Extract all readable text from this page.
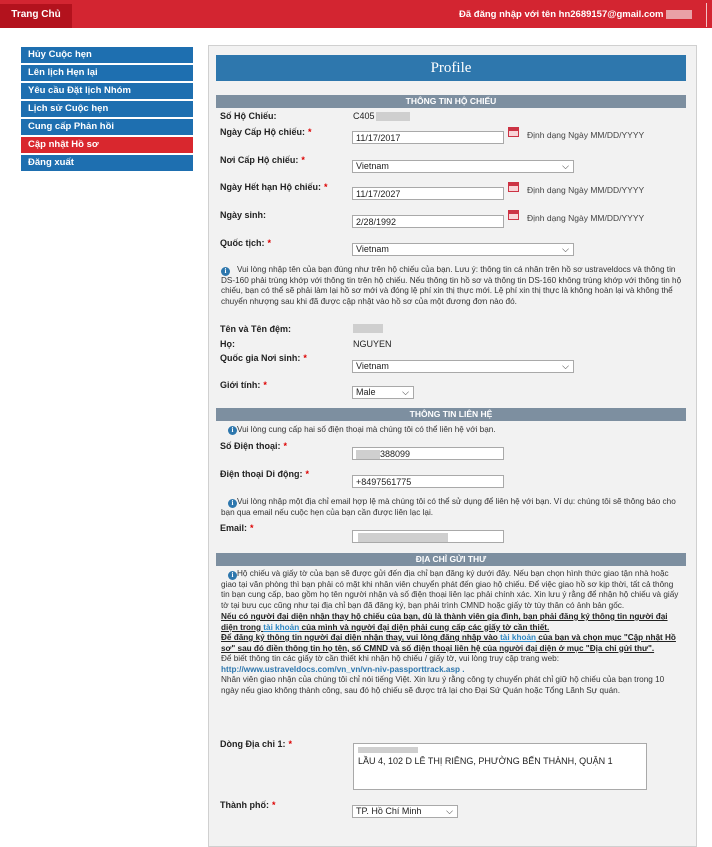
Trang Chủ	Đã đăng nhập với tên hn2689157@gmail.com
Hủy Cuộc hẹn
Lên lịch Hẹn lại
Yêu cầu Đặt lịch Nhóm
Lịch sử Cuộc hẹn
Cung cấp Phản hồi
Cập nhật Hồ sơ
Đăng xuất
Profile
THÔNG TIN HỘ CHIẾU
Số Hộ Chiếu:	C405
Ngày Cấp Hộ chiếu: *
11/17/2017	Định dạng Ngày MM/DD/YYYY
Nơi Cấp Hộ chiếu: *
Vietnam	⌵
Ngày Hết hạn Hộ chiếu: *
11/17/2027	Định dạng Ngày MM/DD/YYYY
Ngày sinh:
2/28/1992	Định dạng Ngày MM/DD/YYYY
Quốc tịch: *
Vietnam	⌵
i	Vui lòng nhập tên của bạn đúng như trên hộ chiếu của bạn. Lưu ý: thông tin cá nhân trên hồ sơ ustraveldocs và thông tin DS-160 phải trùng khớp với thông tin trên hộ chiếu. Nếu thông tin hồ sơ và thông tin DS-160 không trùng khớp với thông tin hộ chiếu, bạn có thể sẽ phải làm lại hồ sơ mới và đóng lệ phí xin thị thực mới. Lệ phí xin thị thực là không hoàn lại và không thể chuyển nhượng sau khi đã được cập nhật vào hồ sơ của một đương đơn nào đó.

Tên và Tên đệm:
Họ:	NGUYEN
Quốc gia Nơi sinh: *
Vietnam	⌵
Giới tính: *
Male	⌵
THÔNG TIN LIÊN HỆ
i Vui lòng cung cấp hai số điện thoại mà chúng tôi có thể liên hệ với bạn.

Số Điện thoại: *
388099
Điện thoại Di động: *
+8497561775
i Vui lòng nhập một địa chỉ email hợp lệ mà chúng tôi có thể sử dụng để liên hệ với bạn. Ví dụ: chúng tôi sẽ thông báo cho bạn qua email nếu cuộc hẹn của bạn cần được liên lạc lại.

Email: *
ĐỊA CHỈ GỬI THƯ
i Hộ chiếu và giấy tờ của bạn sẽ được gửi đến địa chỉ bạn đăng ký dưới đây. Nếu bạn chọn hình thức giao tận nhà hoặc giao tại văn phòng thì bạn phải có mặt khi nhân viên chuyển phát đến giao hộ chiếu. Để việc giao hồ sơ kịp thời, tất cả thông tin bạn cung cấp, bao gồm họ tên người nhận và số điện thoại liên lạc phải chính xác. Xin lưu ý rằng để nhận hộ chiếu và giấy tờ tại bưu cục cũng như tại địa chỉ bạn đã đăng ký, bạn phải trình CMND hoặc giấy tờ tùy thân có ảnh bản gốc.

Nếu có người đại diện nhận thay hộ chiếu của bạn, dù là thành viên gia đình, bạn phải đăng ký thông tin người đại diện trong tài khoản của mình và người đại diện phải cung cấp các giấy tờ cần thiết.
Để đăng ký thông tin người đại diện nhận thay, vui lòng đăng nhập vào tài khoản của bạn và chọn mục "Cập nhật Hồ sơ" sau đó điền thông tin họ tên, số CMND và số điện thoại liên hệ của người đại diện ở mục "Địa chỉ gửi thư".
Để biết thông tin các giấy tờ cần thiết khi nhận hộ chiếu / giấy tờ, vui lòng truy cập trang web:
http://www.ustraveldocs.com/vn_vn/vn-niv-passporttrack.asp .
Nhân viên giao nhận của chúng tôi chỉ nói tiếng Việt. Xin lưu ý rằng công ty chuyển phát chỉ giữ hộ chiếu của bạn trong 10 ngày nếu giao không thành công, sau đó hộ chiếu sẽ được trả lại cho Đại Sứ Quán hoặc Tổng Lãnh Sự quán.
Dòng Địa chỉ 1: *
LẦU 4, 102 D LÊ THỊ RIÊNG, PHƯỜNG BẾN THÀNH, QUẬN 1
Thành phố: *
TP. Hồ Chí Minh	⌵
